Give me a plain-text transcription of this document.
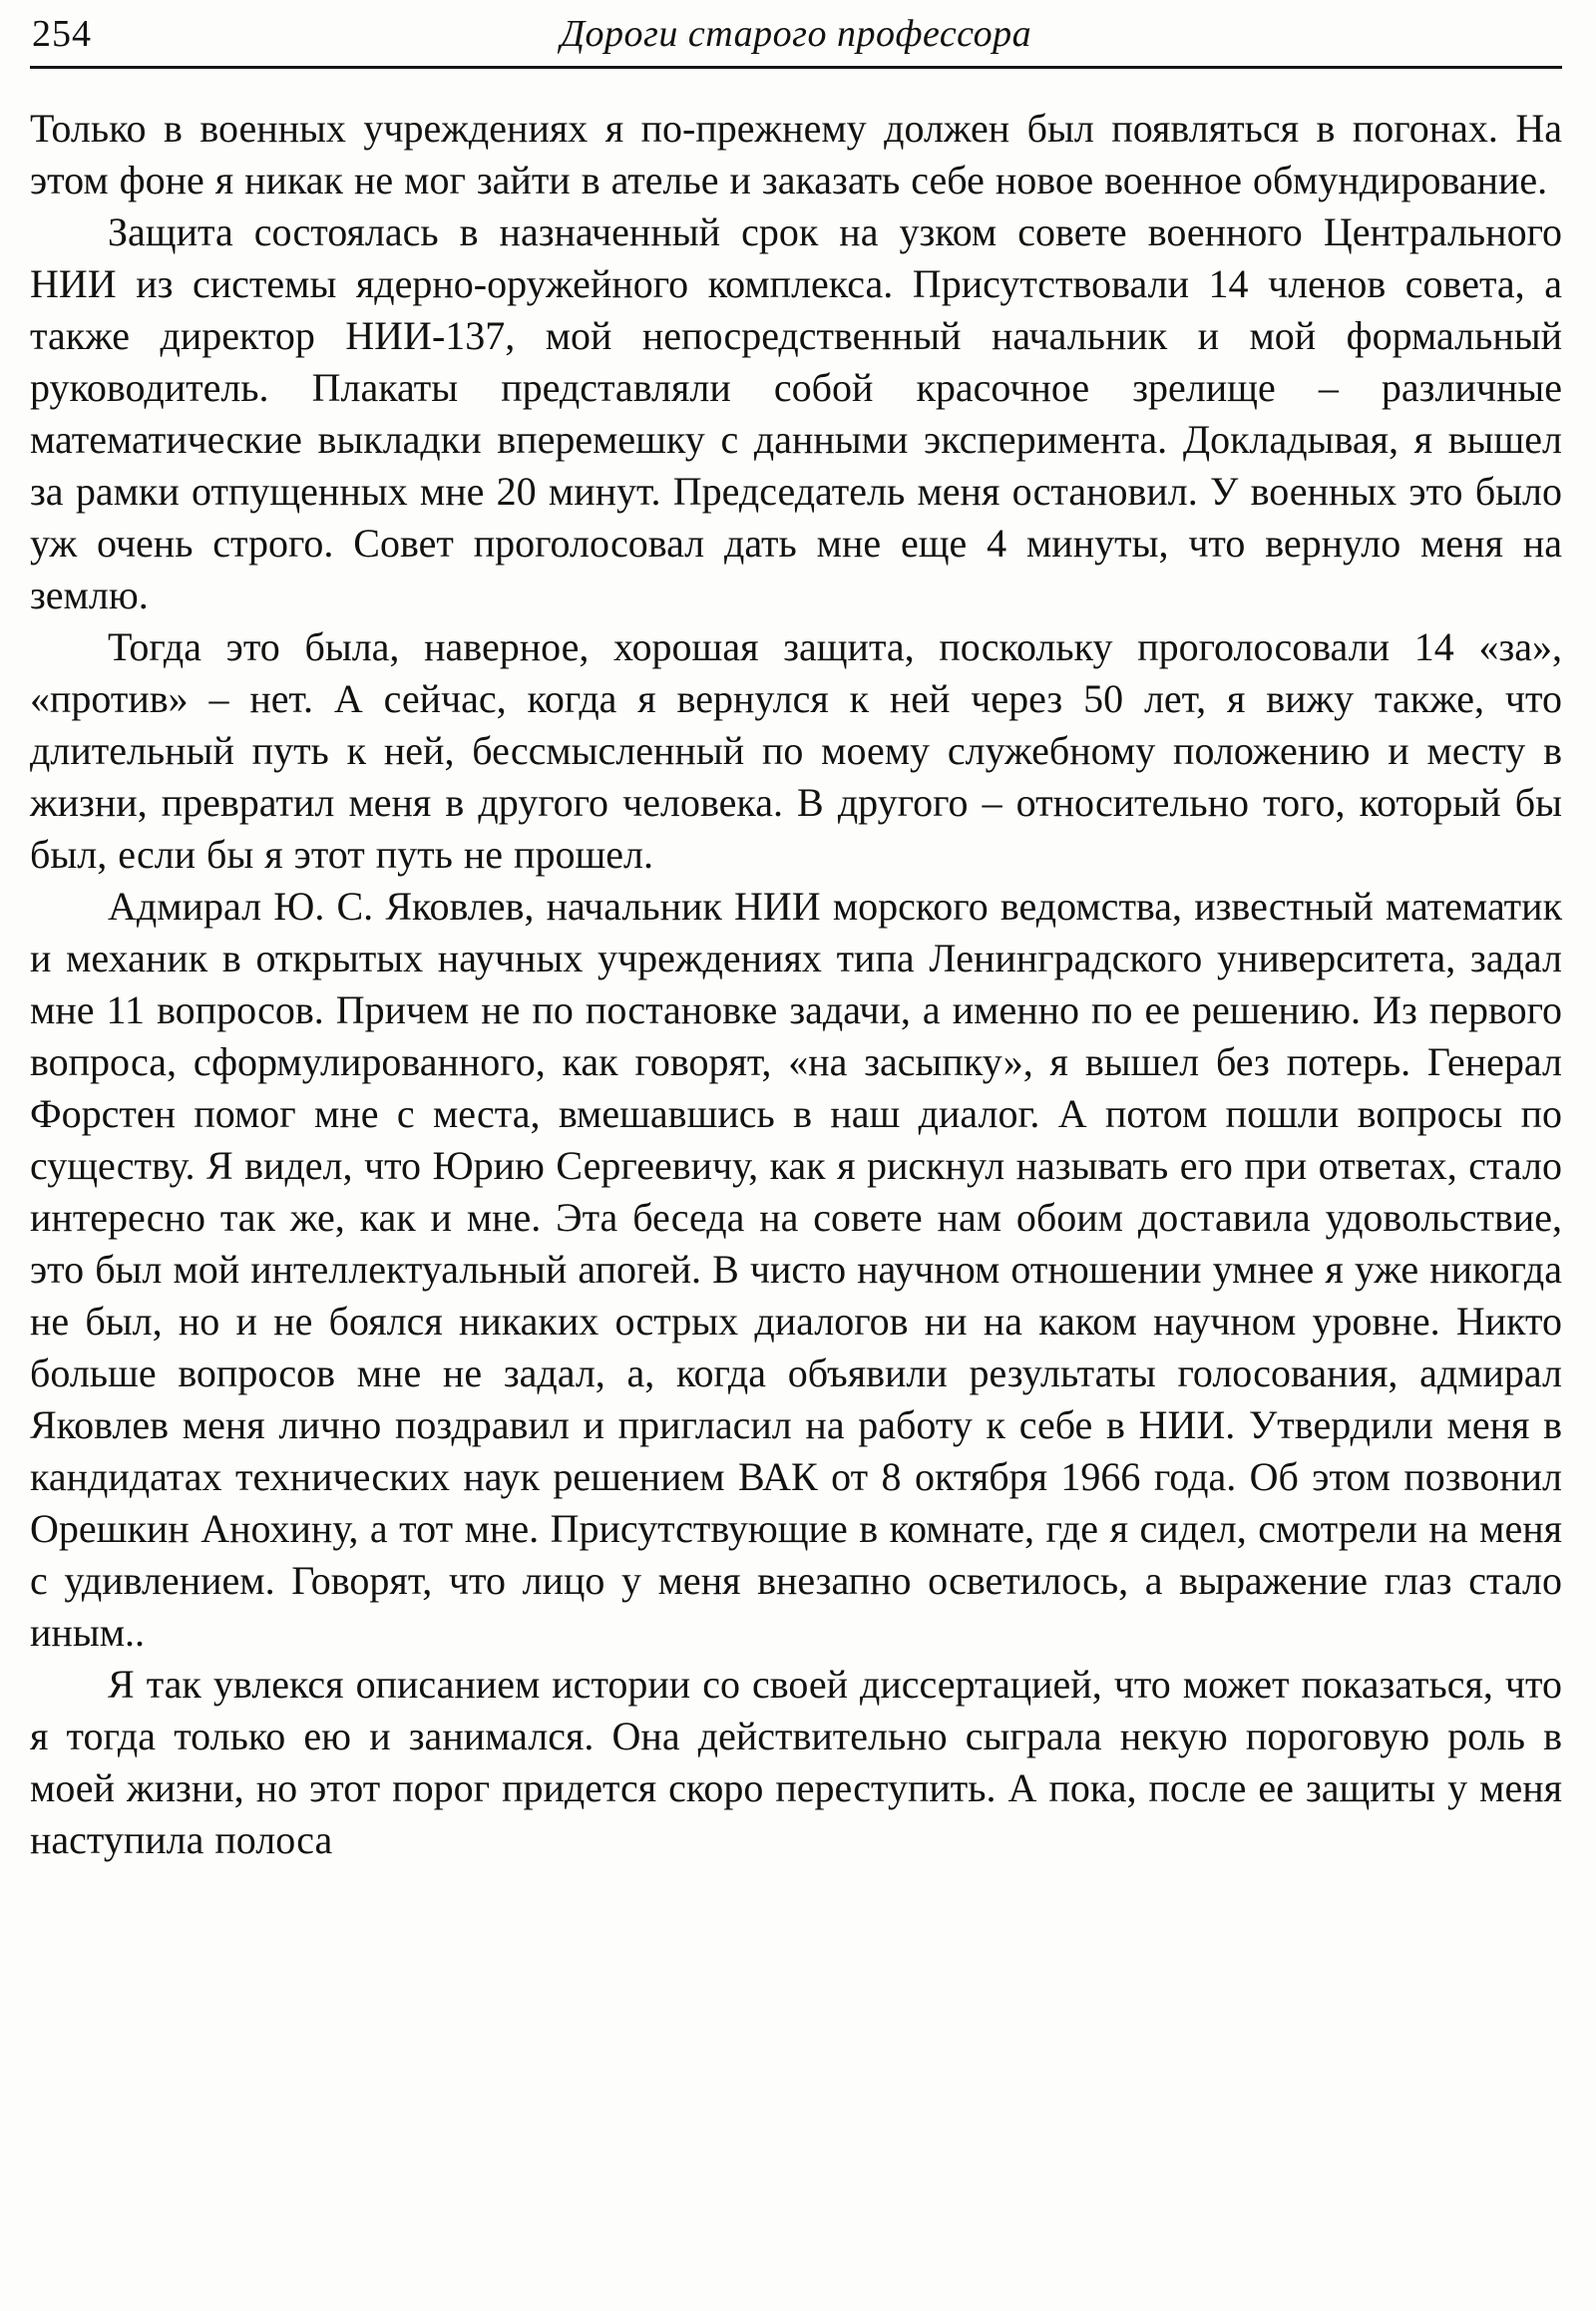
254	Дороги старого профессора

Только в военных учреждениях я по-прежнему должен был появляться в погонах. На этом фоне я никак не мог зайти в ателье и заказать себе новое военное обмундирование.

Защита состоялась в назначенный срок на узком совете военного Центрального НИИ из системы ядерно-оружейного комплекса. Присутствовали 14 членов совета, а также директор НИИ-137, мой непосредственный начальник и мой формальный руководитель. Плакаты представляли собой красочное зрелище – различные математические выкладки вперемешку с данными эксперимента. Докладывая, я вышел за рамки отпущенных мне 20 минут. Председатель меня остановил. У военных это было уж очень строго. Совет проголосовал дать мне еще 4 минуты, что вернуло меня на землю.

Тогда это была, наверное, хорошая защита, поскольку проголосовали 14 «за», «против» – нет. А сейчас, когда я вернулся к ней через 50 лет, я вижу также, что длительный путь к ней, бессмысленный по моему служебному положению и месту в жизни, превратил меня в другого человека. В другого – относительно того, который бы был, если бы я этот путь не прошел.

Адмирал Ю. С. Яковлев, начальник НИИ морского ведомства, известный математик и механик в открытых научных учреждениях типа Ленинградского университета, задал мне 11 вопросов. Причем не по постановке задачи, а именно по ее решению. Из первого вопроса, сформулированного, как говорят, «на засыпку», я вышел без потерь. Генерал Форстен помог мне с места, вмешавшись в наш диалог. А потом пошли вопросы по существу. Я видел, что Юрию Сергеевичу, как я рискнул называть его при ответах, стало интересно так же, как и мне. Эта беседа на совете нам обоим доставила удовольствие, это был мой интеллектуальный апогей. В чисто научном отношении умнее я уже никогда не был, но и не боялся никаких острых диалогов ни на каком научном уровне. Никто больше вопросов мне не задал, а, когда объявили результаты голосования, адмирал Яковлев меня лично поздравил и пригласил на работу к себе в НИИ. Утвердили меня в кандидатах технических наук решением ВАК от 8 октября 1966 года. Об этом позвонил Орешкин Анохину, а тот мне. Присутствующие в комнате, где я сидел, смотрели на меня с удивлением. Говорят, что лицо у меня внезапно осветилось, а выражение глаз стало иным..

Я так увлекся описанием истории со своей диссертацией, что может показаться, что я тогда только ею и занимался. Она действительно сыграла некую пороговую роль в моей жизни, но этот порог придется скоро переступить. А пока, после ее защиты у меня наступила полоса
